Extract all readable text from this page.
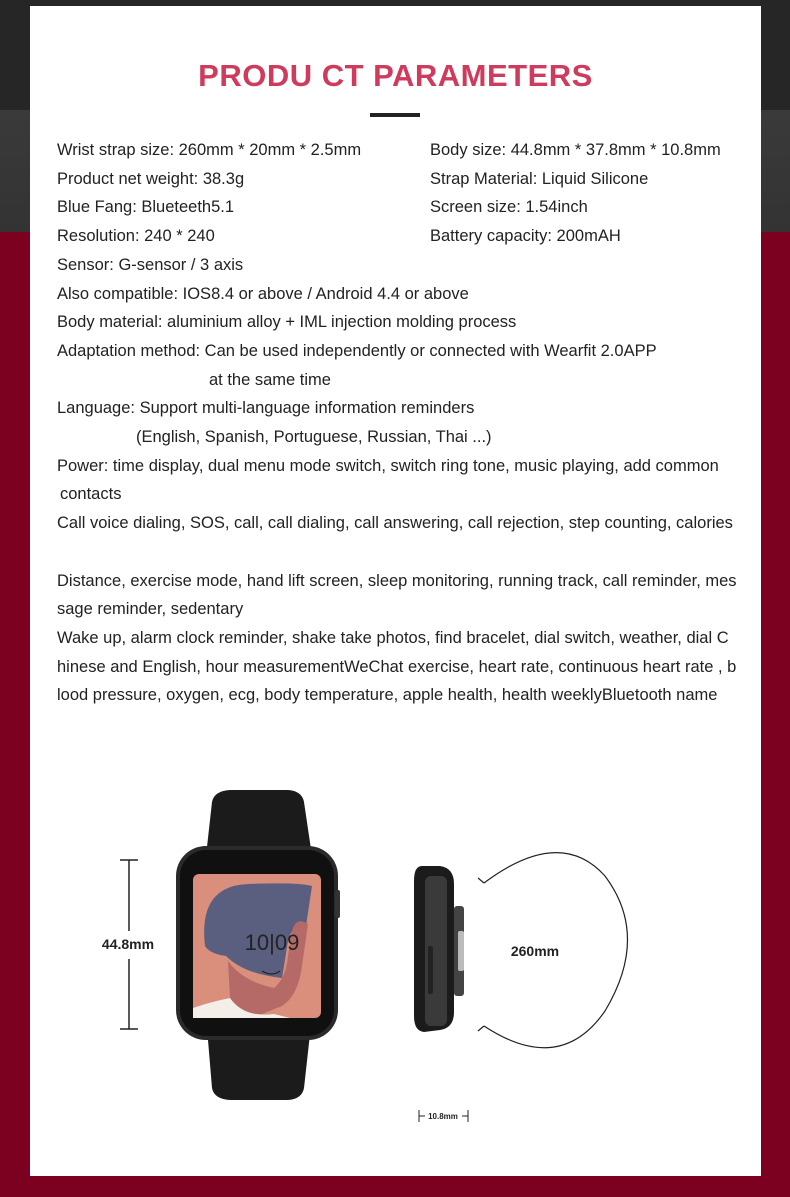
PRODU CT PARAMETERS
Wrist strap size: 260mm * 20mm * 2.5mm	Body size: 44.8mm * 37.8mm * 10.8mm
Product net weight: 38.3g	Strap Material: Liquid Silicone
Blue Fang: Blueteeth5.1	Screen size: 1.54inch
Resolution: 240 * 240	Battery capacity: 200mAH
Sensor: G-sensor / 3 axis
Also compatible: IOS8.4 or above / Android 4.4 or above
Body material: aluminium alloy + IML injection molding process
Adaptation method: Can be used independently or connected with Wearfit 2.0APP
at the same time
Language: Support multi-language information reminders
(English, Spanish, Portuguese, Russian, Thai ...)
Power: time display, dual menu mode switch, switch ring tone, music playing, add common
contacts
Call voice dialing, SOS, call, call dialing, call answering, call rejection, step counting, calories
Distance, exercise mode, hand lift screen, sleep monitoring, running track, call reminder, message reminder, sedentary
Wake up, alarm clock reminder, shake take photos, find bracelet, dial switch, weather, dial Chinese and English, hour measurementWeChat exercise, heart rate, continuous heart rate , blood pressure, oxygen, ecg, body temperature, apple health, health weeklyBluetooth name
44.8mm	10|09	260mm
10.8mm
